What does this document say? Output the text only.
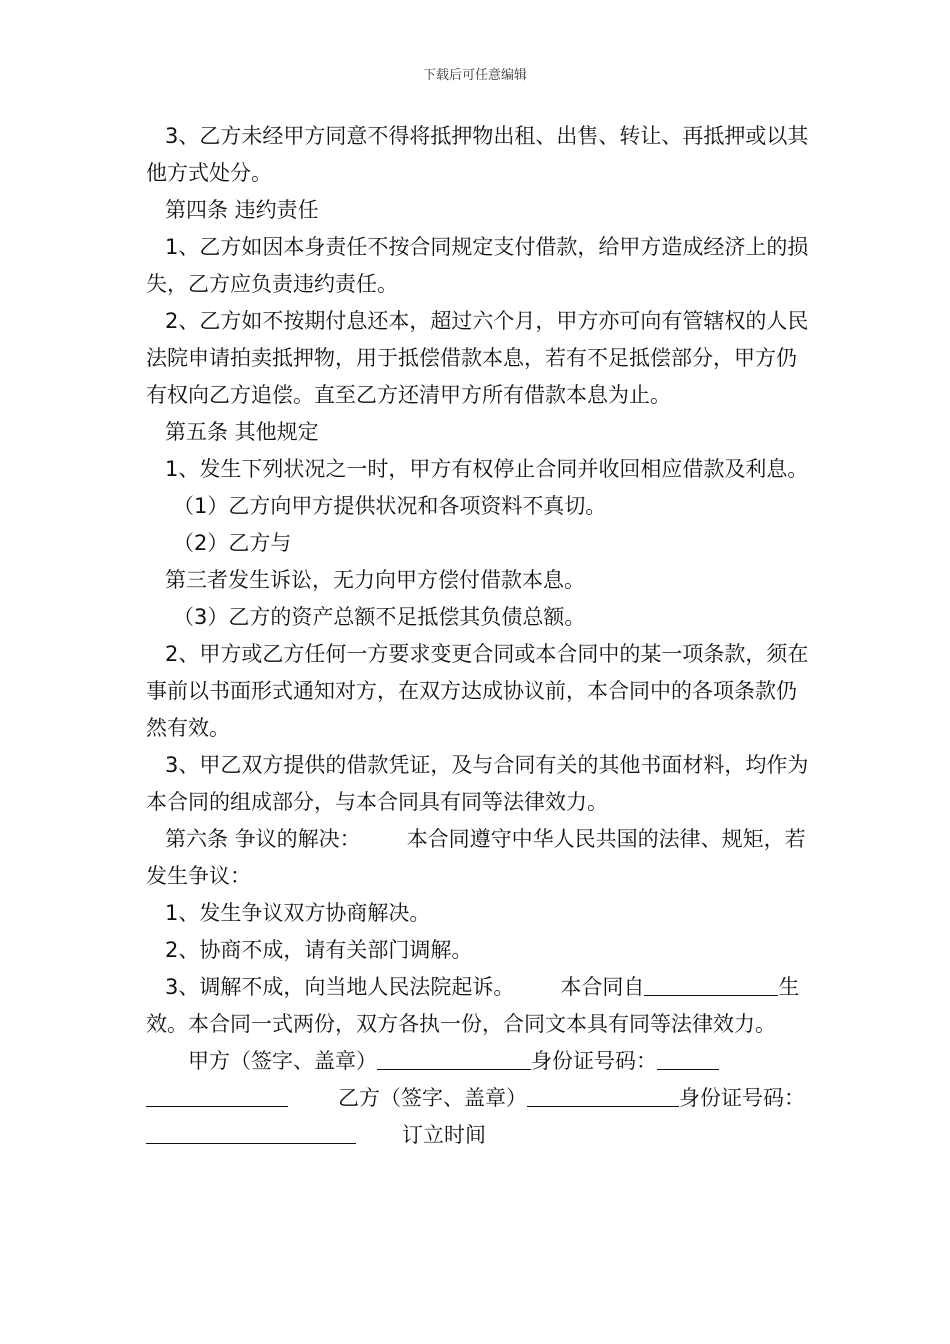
下载后可任意编辑

3、乙方未经甲方同意不得将抵押物出租、出售、转让、再抵押或以其他方式处分。

第四条 违约责任

1、乙方如因本身责任不按合同规定支付借款，给甲方造成经济上的损失，乙方应负责违约责任。

2、乙方如不按期付息还本，超过六个月，甲方亦可向有管辖权的人民法院申请拍卖抵押物，用于抵偿借款本息，若有不足抵偿部分，甲方仍有权向乙方追偿。直至乙方还清甲方所有借款本息为止。

第五条 其他规定

1、发生下列状况之一时，甲方有权停止合同并收回相应借款及利息。

（1）乙方向甲方提供状况和各项资料不真切。

（2）乙方与

第三者发生诉讼，无力向甲方偿付借款本息。

（3）乙方的资产总额不足抵偿其负债总额。

2、甲方或乙方任何一方要求变更合同或本合同中的某一项条款，须在事前以书面形式通知对方，在双方达成协议前，本合同中的各项条款仍然有效。

3、甲乙双方提供的借款凭证，及与合同有关的其他书面材料，均作为本合同的组成部分，与本合同具有同等法律效力。

第六条 争议的解决： 本合同遵守中华人民共国的法律、规矩，若发生争议：

1、发生争议双方协商解决。

2、协商不成，请有关部门调解。

3、调解不成，向当地人民法院起诉。 本合同自	生效。本合同一式两份，双方各执一份，合同文本具有同等法律效力。甲方（签字、盖章）	身份证号码：乙方（签字、盖章）	身份证号码：订立时间
